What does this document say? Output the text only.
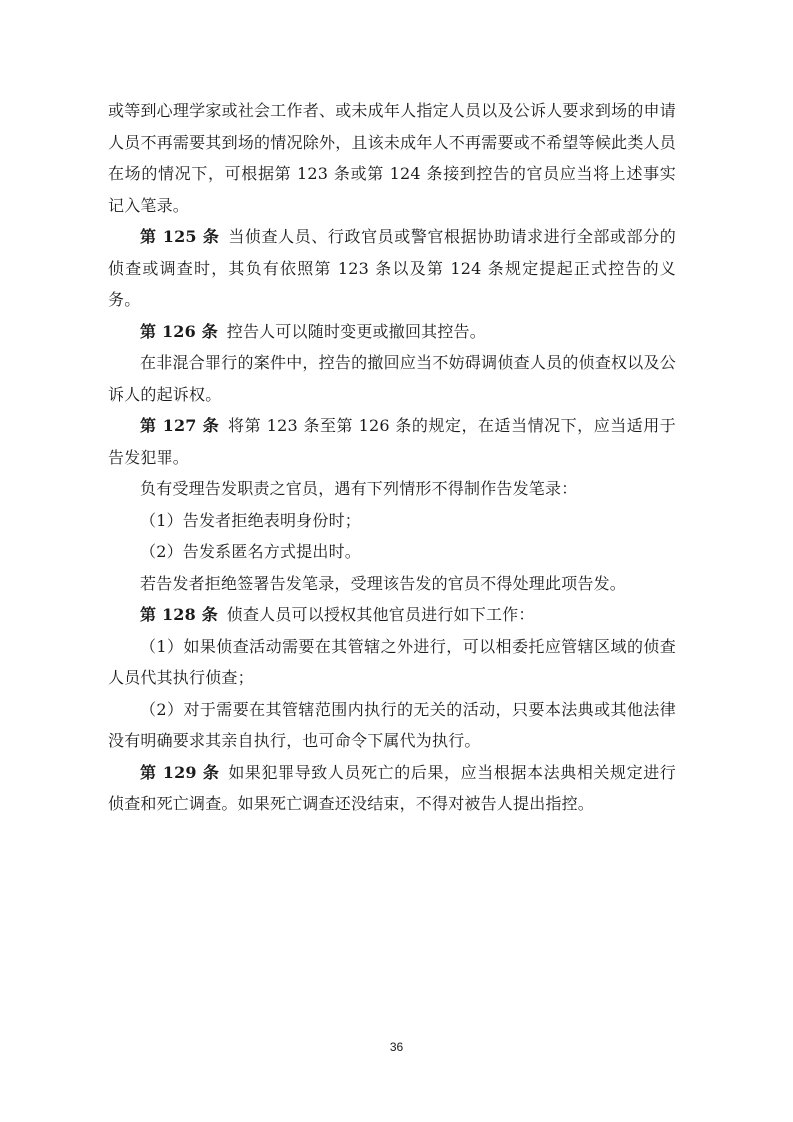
或等到心理学家或社会工作者、或未成年人指定人员以及公诉人要求到场的申请人员不再需要其到场的情况除外，且该未成年人不再需要或不希望等候此类人员在场的情况下，可根据第 123 条或第 124 条接到控告的官员应当将上述事实记入笔录。

第 125 条 当侦查人员、行政官员或警官根据协助请求进行全部或部分的侦查或调查时，其负有依照第 123 条以及第 124 条规定提起正式控告的义务。

第 126 条 控告人可以随时变更或撤回其控告。

在非混合罪行的案件中，控告的撤回应当不妨碍调侦查人员的侦查权以及公诉人的起诉权。

第 127 条 将第 123 条至第 126 条的规定，在适当情况下，应当适用于告发犯罪。

负有受理告发职责之官员，遇有下列情形不得制作告发笔录：

（1）告发者拒绝表明身份时；

（2）告发系匿名方式提出时。

若告发者拒绝签署告发笔录，受理该告发的官员不得处理此项告发。

第 128 条 侦查人员可以授权其他官员进行如下工作：

（1）如果侦查活动需要在其管辖之外进行，可以相委托应管辖区域的侦查人员代其执行侦查；

（2）对于需要在其管辖范围内执行的无关的活动，只要本法典或其他法律没有明确要求其亲自执行，也可命令下属代为执行。

第 129 条 如果犯罪导致人员死亡的后果，应当根据本法典相关规定进行侦查和死亡调查。如果死亡调查还没结束，不得对被告人提出指控。

36
